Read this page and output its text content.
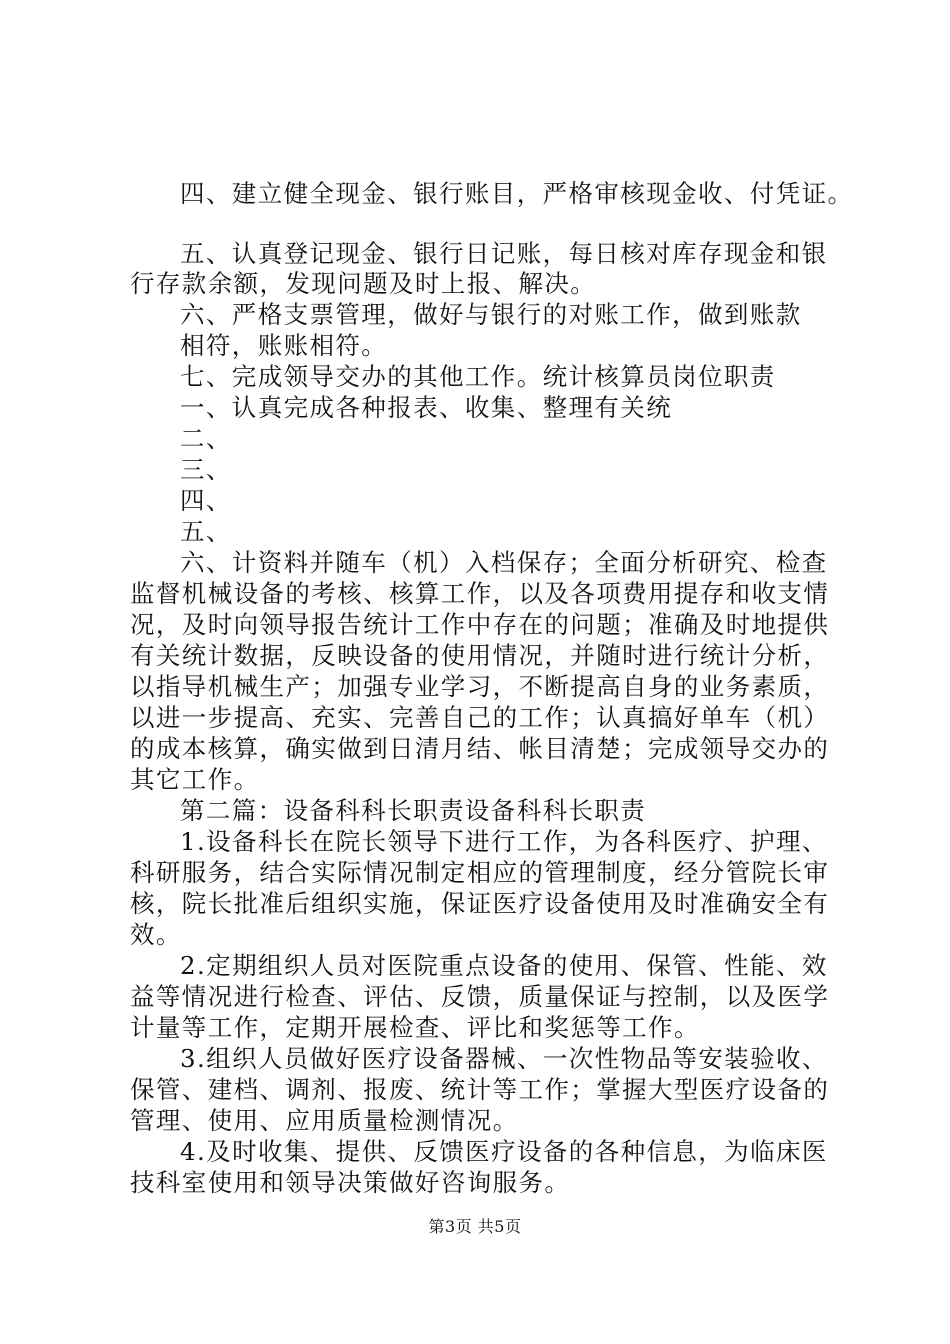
四、建立健全现金、银行账目，严格审核现金收、付凭证。
五、认真登记现金、银行日记账，每日核对库存现金和银
行存款余额，发现问题及时上报、解决。
六、严格支票管理，做好与银行的对账工作，做到账款
相符，账账相符。
七、完成领导交办的其他工作。统计核算员岗位职责
一、认真完成各种报表、收集、整理有关统
二、
三、
四、
五、
六、计资料并随车（机）入档保存；全面分析研究、检查
监督机械设备的考核、核算工作，以及各项费用提存和收支情
况，及时向领导报告统计工作中存在的问题；准确及时地提供
有关统计数据，反映设备的使用情况，并随时进行统计分析，
以指导机械生产；加强专业学习，不断提高自身的业务素质，
以进一步提高、充实、完善自己的工作；认真搞好单车（机）
的成本核算，确实做到日清月结、帐目清楚；完成领导交办的
其它工作。
第二篇：设备科科长职责设备科科长职责
1.设备科长在院长领导下进行工作，为各科医疗、护理、
科研服务，结合实际情况制定相应的管理制度，经分管院长审
核，院长批准后组织实施，保证医疗设备使用及时准确安全有
效。
2.定期组织人员对医院重点设备的使用、保管、性能、效
益等情况进行检查、评估、反馈，质量保证与控制，以及医学
计量等工作，定期开展检查、评比和奖惩等工作。
3.组织人员做好医疗设备器械、一次性物品等安装验收、
保管、建档、调剂、报废、统计等工作；掌握大型医疗设备的
管理、使用、应用质量检测情况。
4.及时收集、提供、反馈医疗设备的各种信息，为临床医
技科室使用和领导决策做好咨询服务。
第3页 共5页
